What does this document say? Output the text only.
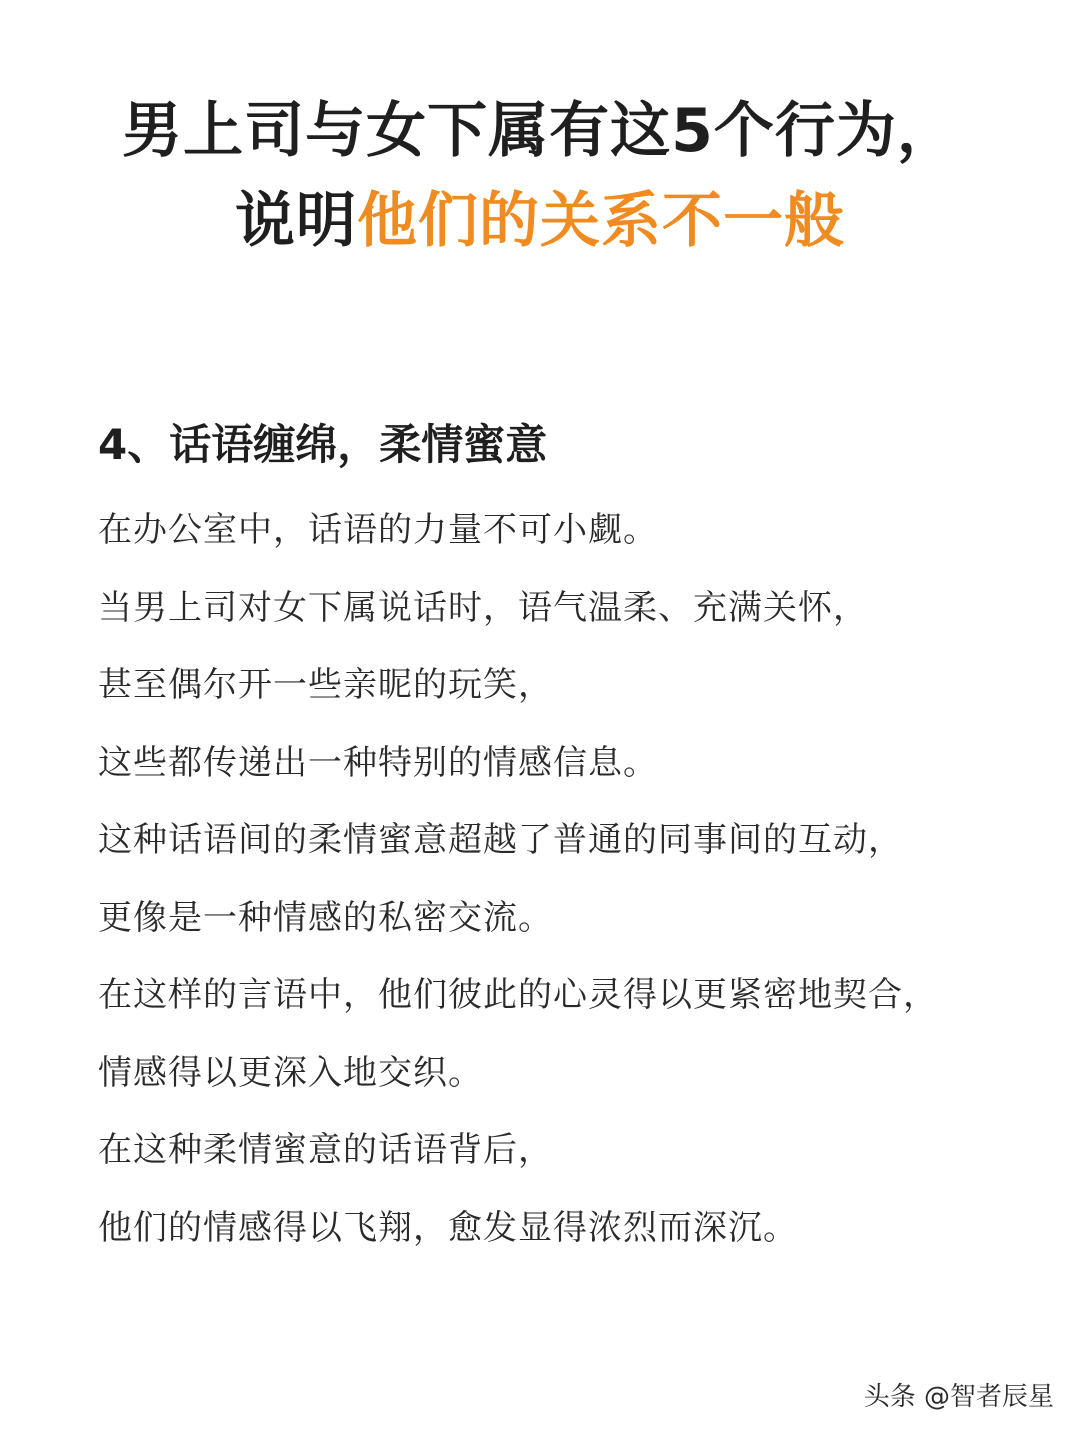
男上司与女下属有这5个行为，
说明他们的关系不一般
4、话语缠绵，柔情蜜意
在办公室中，话语的力量不可小觑。
当男上司对女下属说话时，语气温柔、充满关怀，
甚至偶尔开一些亲昵的玩笑，
这些都传递出一种特别的情感信息。
这种话语间的柔情蜜意超越了普通的同事间的互动，
更像是一种情感的私密交流。
在这样的言语中，他们彼此的心灵得以更紧密地契合，
情感得以更深入地交织。
在这种柔情蜜意的话语背后，
他们的情感得以飞翔，愈发显得浓烈而深沉。
头条 @智者辰星
